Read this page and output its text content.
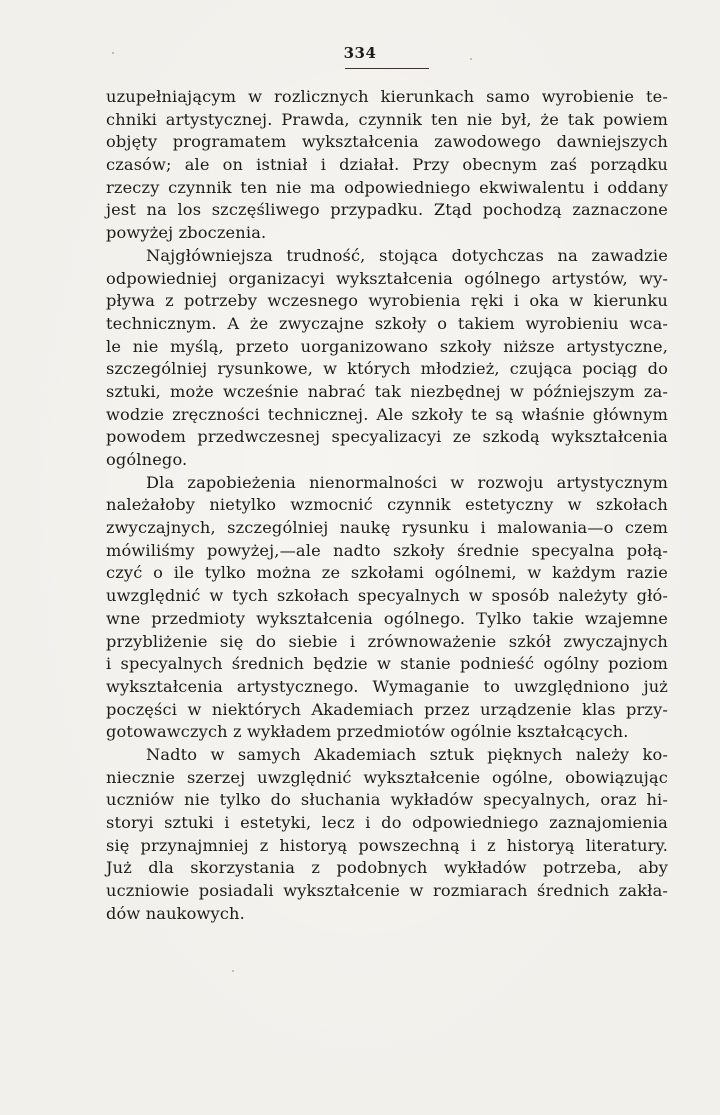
334
uzupełniającym w rozlicznych kierunkach samo wyrobienie te-
chniki artystycznej. Prawda, czynnik ten nie był, że tak powiem
objęty programatem wykształcenia zawodowego dawniejszych
czasów; ale on istniał i działał. Przy obecnym zaś porządku
rzeczy czynnik ten nie ma odpowiedniego ekwiwalentu i oddany
jest na los szczęśliwego przypadku. Ztąd pochodzą zaznaczone
powyżej zboczenia.
Najgłówniejsza trudność, stojąca dotychczas na zawadzie
odpowiedniej organizacyi wykształcenia ogólnego artystów, wy-
pływa z potrzeby wczesnego wyrobienia ręki i oka w kierunku
technicznym. A że zwyczajne szkoły o takiem wyrobieniu wca-
le nie myślą, przeto uorganizowano szkoły niższe artystyczne,
szczególniej rysunkowe, w których młodzież, czująca pociąg do
sztuki, może wcześnie nabrać tak niezbędnej w późniejszym za-
wodzie zręczności technicznej. Ale szkoły te są właśnie głównym
powodem przedwczesnej specyalizacyi ze szkodą wykształcenia
ogólnego.
Dla zapobieżenia nienormalności w rozwoju artystycznym
należałoby nietylko wzmocnić czynnik estetyczny w szkołach
zwyczajnych, szczególniej naukę rysunku i malowania—o czem
mówiliśmy powyżej,—ale nadto szkoły średnie specyalna połą-
czyć o ile tylko można ze szkołami ogólnemi, w każdym razie
uwzględnić w tych szkołach specyalnych w sposób należyty głó-
wne przedmioty wykształcenia ogólnego. Tylko takie wzajemne
przybliżenie się do siebie i zrównoważenie szkół zwyczajnych
i specyalnych średnich będzie w stanie podnieść ogólny poziom
wykształcenia artystycznego. Wymaganie to uwzględniono już
poczęści w niektórych Akademiach przez urządzenie klas przy-
gotowawczych z wykładem przedmiotów ogólnie kształcących.
Nadto w samych Akademiach sztuk pięknych należy ko-
niecznie szerzej uwzględnić wykształcenie ogólne, obowiązując
uczniów nie tylko do słuchania wykładów specyalnych, oraz hi-
storyi sztuki i estetyki, lecz i do odpowiedniego zaznajomienia
się przynajmniej z historyą powszechną i z historyą literatury.
Już dla skorzystania z podobnych wykładów potrzeba, aby
uczniowie posiadali wykształcenie w rozmiarach średnich zakła-
dów naukowych.
